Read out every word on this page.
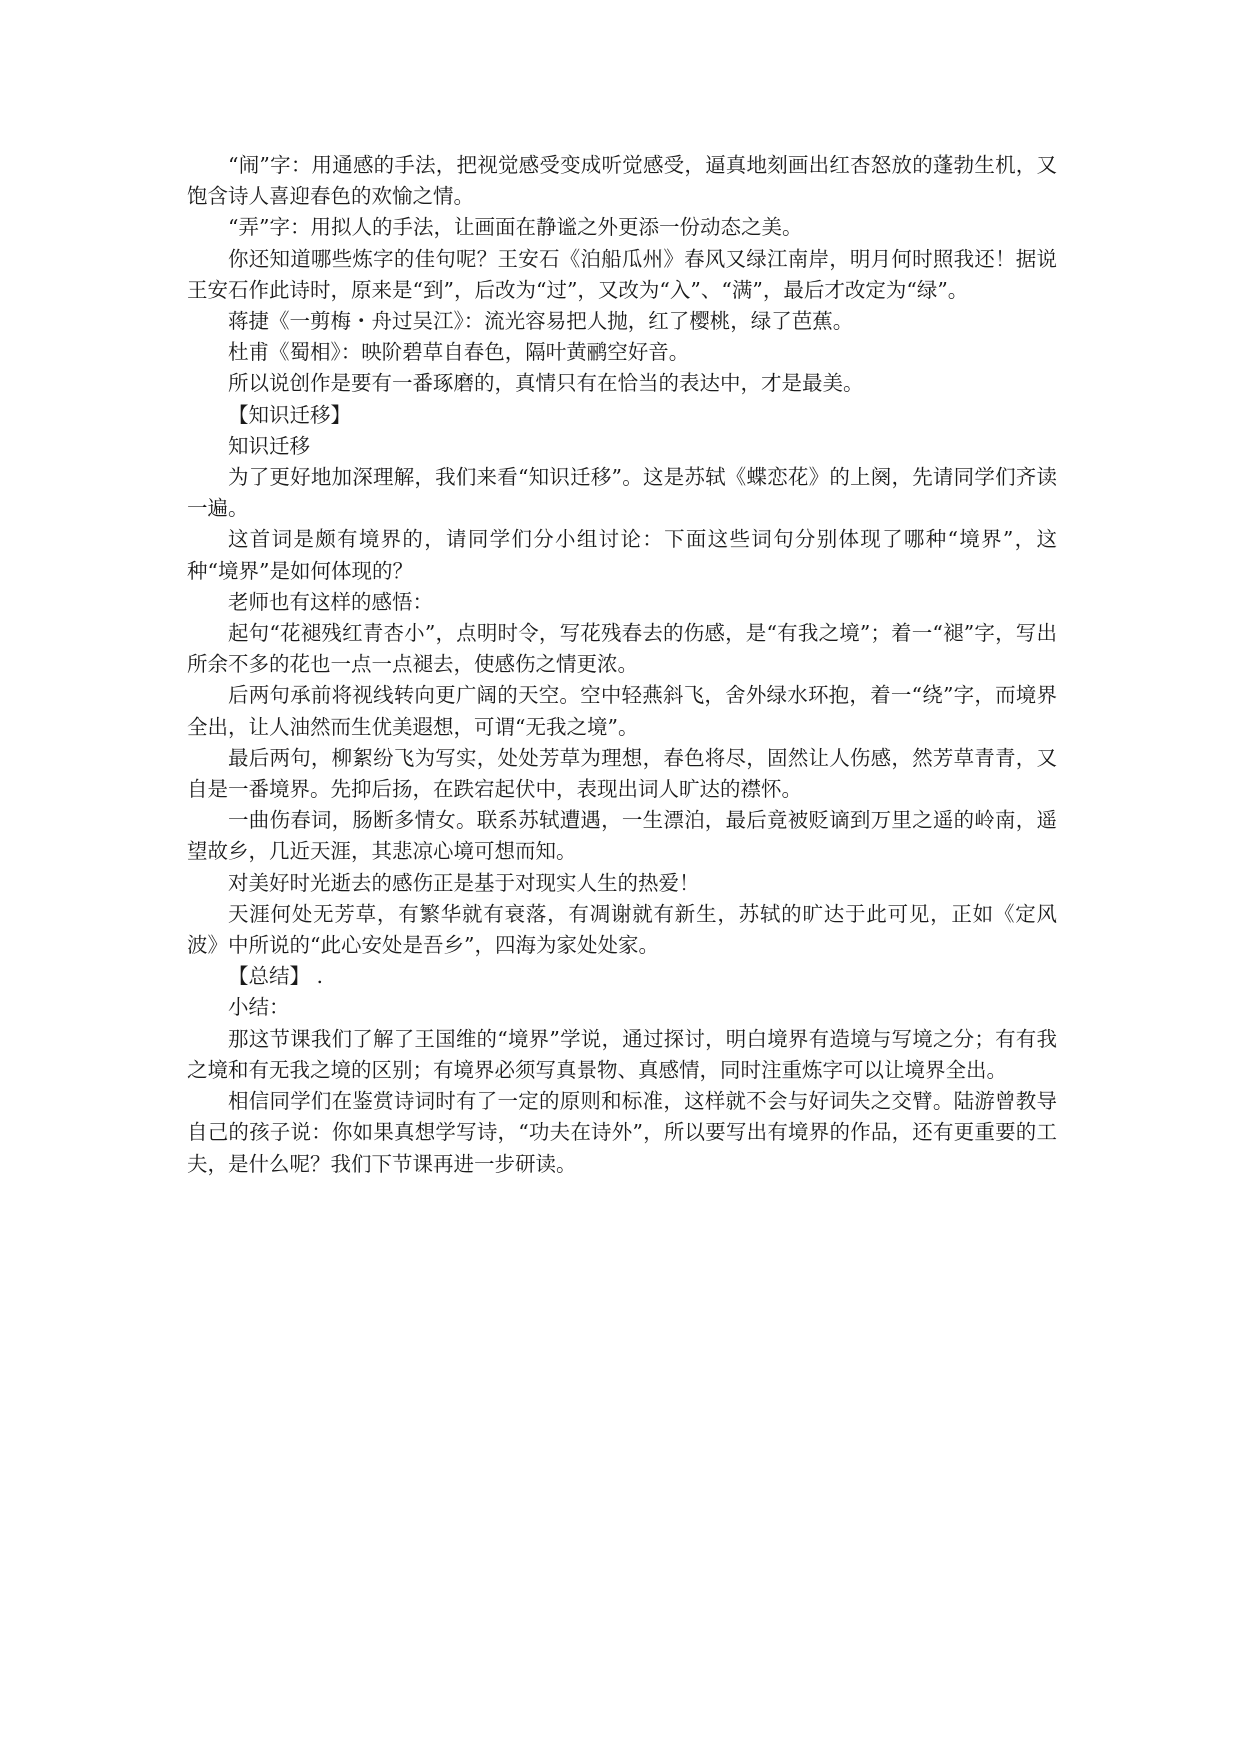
“闹”字：用通感的手法，把视觉感受变成听觉感受，逼真地刻画出红杏怒放的蓬勃生机，又饱含诗人喜迎春色的欢愉之情。

“弄”字：用拟人的手法，让画面在静谧之外更添一份动态之美。

你还知道哪些炼字的佳句呢？王安石《泊船瓜州》春风又绿江南岸，明月何时照我还！据说王安石作此诗时，原来是“到”，后改为“过”，又改为“入”、“满”，最后才改定为“绿”。

蒋捷《一剪梅・舟过吴江》：流光容易把人抛，红了樱桃，绿了芭蕉。

杜甫《蜀相》：映阶碧草自春色，隔叶黄鹂空好音。

所以说创作是要有一番琢磨的，真情只有在恰当的表达中，才是最美。

【知识迁移】

知识迁移

为了更好地加深理解，我们来看“知识迁移”。这是苏轼《蝶恋花》的上阕，先请同学们齐读一遍。

这首词是颇有境界的，请同学们分小组讨论：下面这些词句分别体现了哪种“境界”，这种“境界”是如何体现的？

老师也有这样的感悟：

起句“花褪残红青杏小”，点明时令，写花残春去的伤感，是“有我之境”；着一“褪”字，写出所余不多的花也一点一点褪去，使感伤之情更浓。

后两句承前将视线转向更广阔的天空。空中轻燕斜飞，舍外绿水环抱，着一“绕”字，而境界全出，让人油然而生优美遐想，可谓“无我之境”。

最后两句，柳絮纷飞为写实，处处芳草为理想，春色将尽，固然让人伤感，然芳草青青，又自是一番境界。先抑后扬，在跌宕起伏中，表现出词人旷达的襟怀。

一曲伤春词，肠断多情女。联系苏轼遭遇，一生漂泊，最后竟被贬谪到万里之遥的岭南，遥望故乡，几近天涯，其悲凉心境可想而知。

对美好时光逝去的感伤正是基于对现实人生的热爱！

天涯何处无芳草，有繁华就有衰落，有凋谢就有新生，苏轼的旷达于此可见，正如《定风波》中所说的“此心安处是吾乡”，四海为家处处家。

【总结】 .

小结：

那这节课我们了解了王国维的“境界”学说，通过探讨，明白境界有造境与写境之分；有有我之境和有无我之境的区别；有境界必须写真景物、真感情，同时注重炼字可以让境界全出。

相信同学们在鉴赏诗词时有了一定的原则和标准，这样就不会与好词失之交臂。陆游曾教导自己的孩子说：你如果真想学写诗，“功夫在诗外”，所以要写出有境界的作品，还有更重要的工夫，是什么呢？我们下节课再进一步研读。
